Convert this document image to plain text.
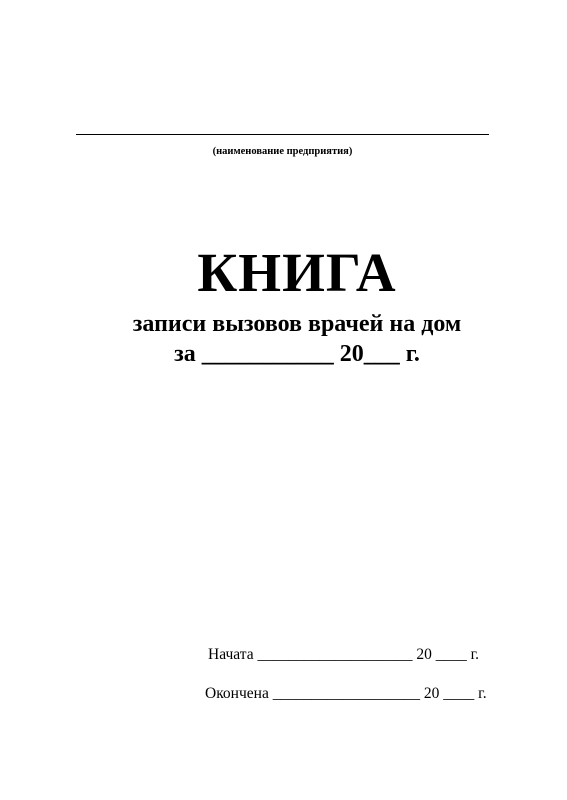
(наименование предприятия)
КНИГА
записи вызовов врачей на дом
за ___________ 20___ г.
Начата ____________________ 20 ____ г.
Окончена ___________________ 20 ____ г.
